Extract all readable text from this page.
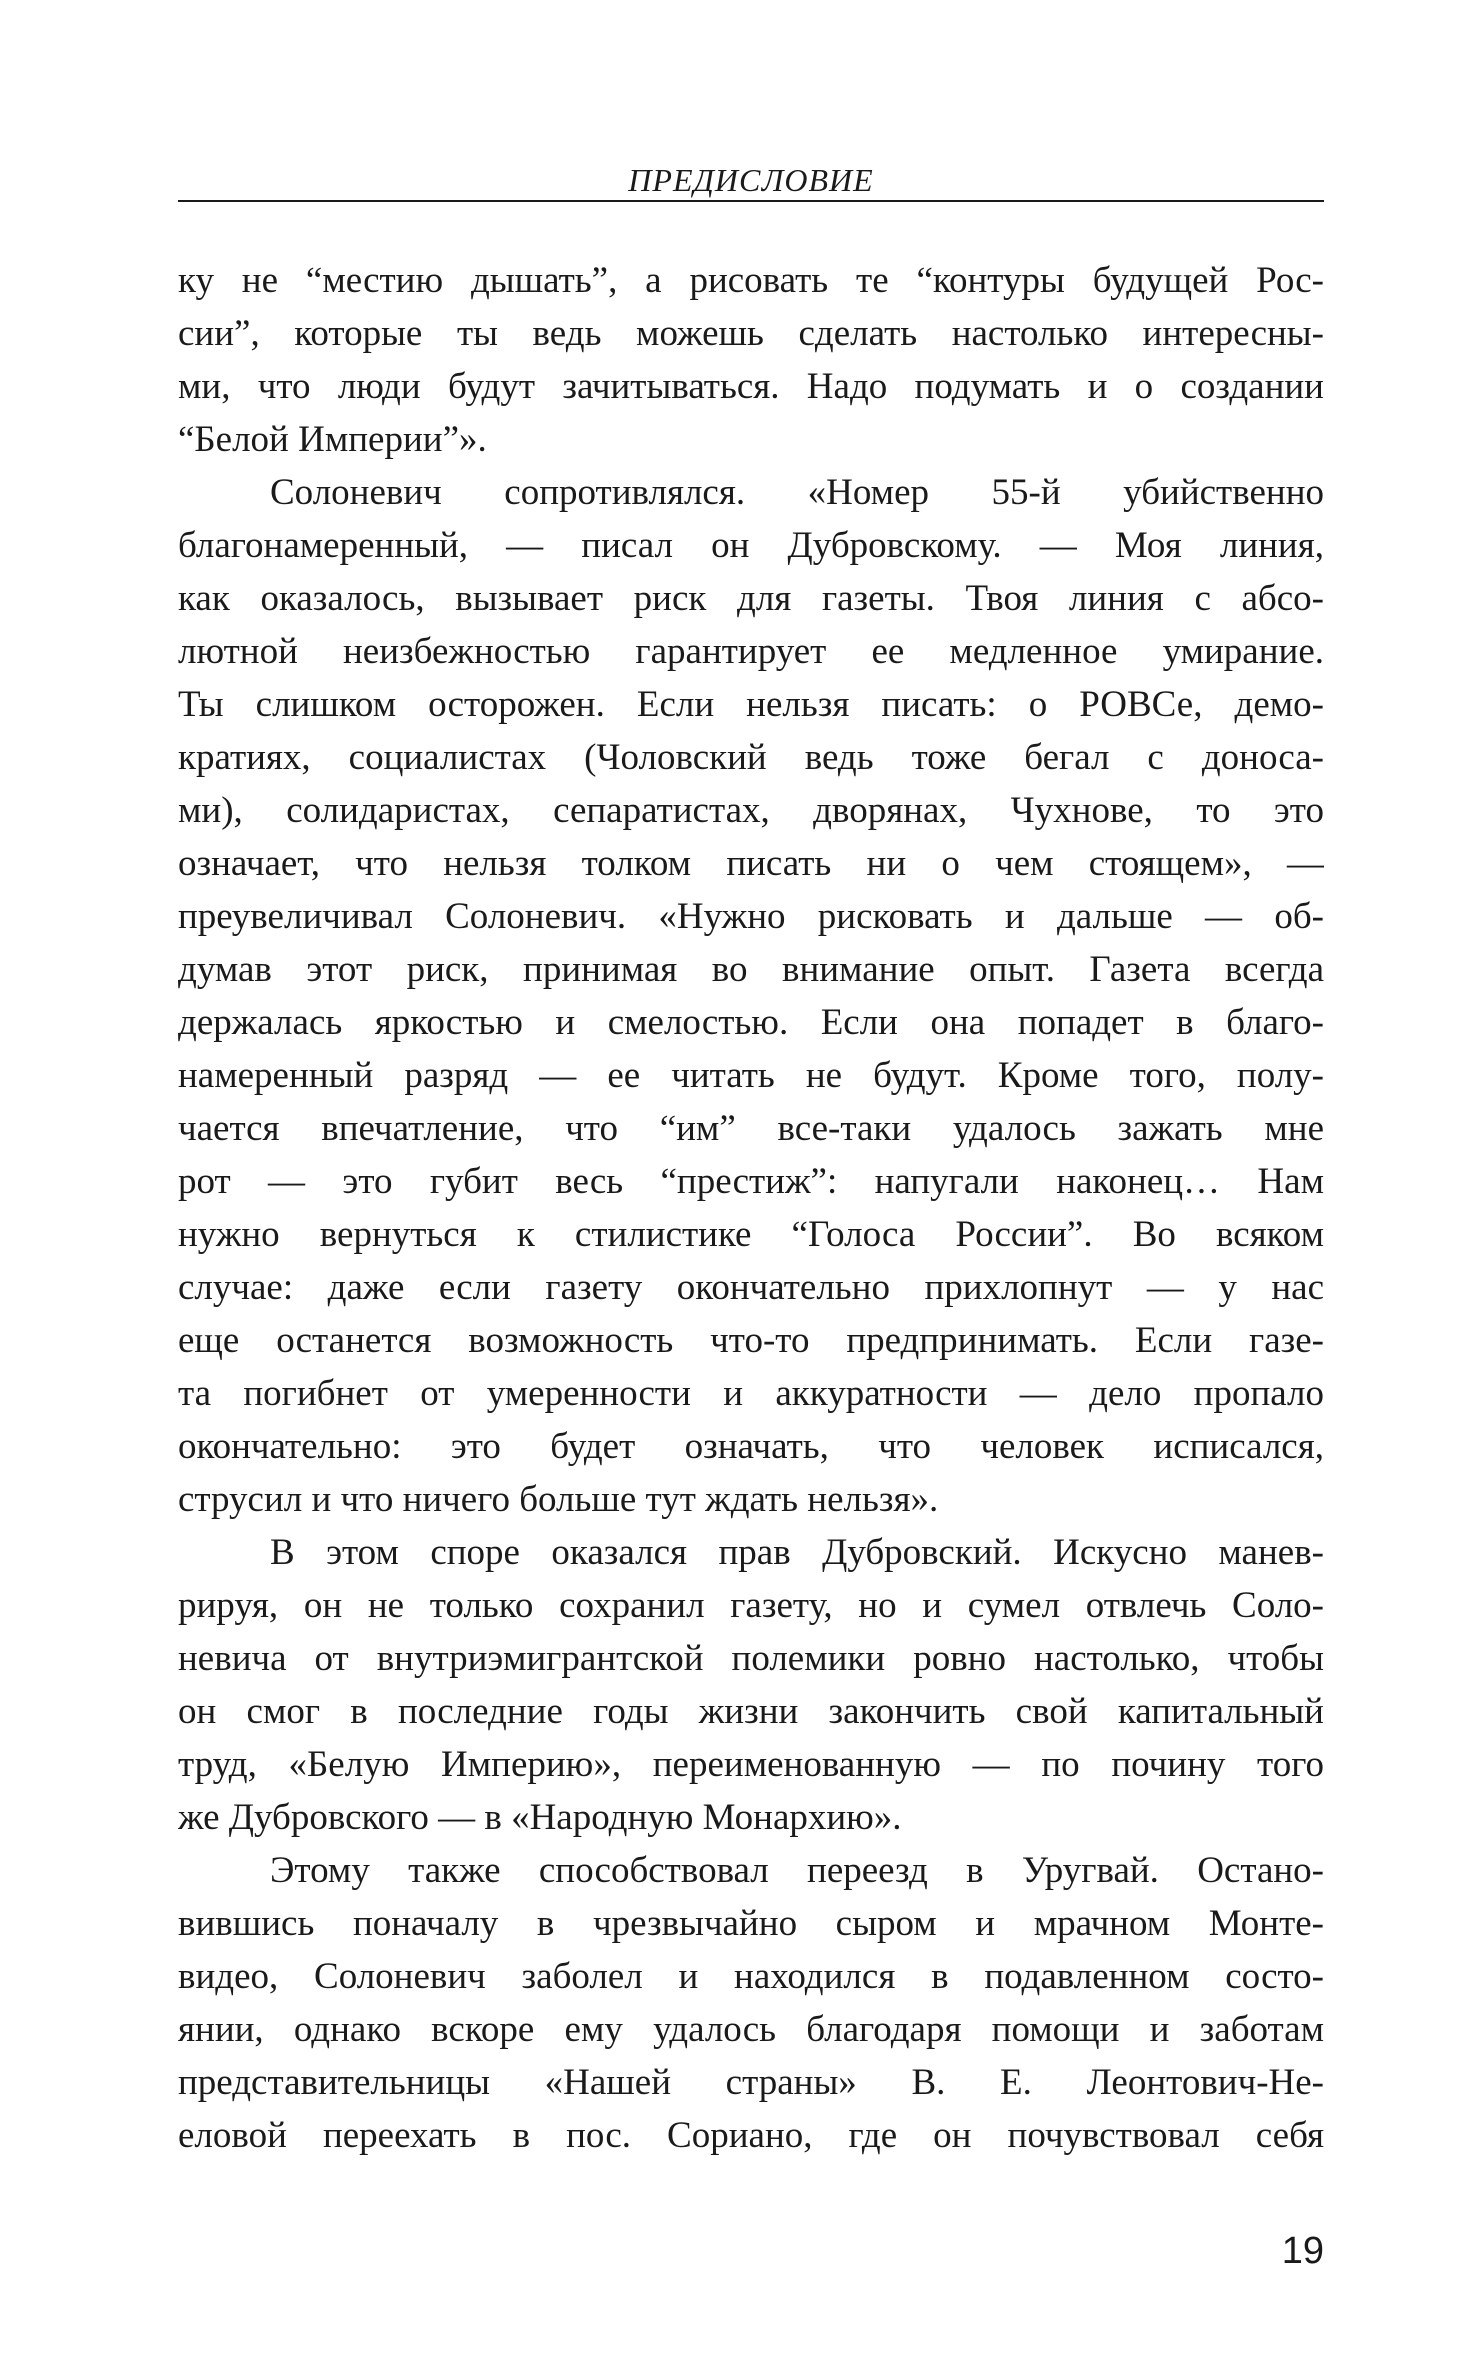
ПРЕДИСЛОВИЕ
ку не “местию дышать”, а рисовать те “контуры будущей Рос-
сии”, которые ты ведь можешь сделать настолько интересны-
ми, что люди будут зачитываться. Надо подумать и о создании
“Белой Империи”».
Солоневич сопротивлялся. «Номер 55-й убийственно
благонамеренный, — писал он Дубровскому. — Моя линия,
как оказалось, вызывает риск для газеты. Твоя линия с абсо-
лютной неизбежностью гарантирует ее медленное умирание.
Ты слишком осторожен. Если нельзя писать: о РОВСе, демо-
кратиях, социалистах (Чоловский ведь тоже бегал с доноса-
ми), солидаристах, сепаратистах, дворянах, Чухнове, то это
означает, что нельзя толком писать ни о чем стоящем», —
преувеличивал Солоневич. «Нужно рисковать и дальше — об-
думав этот риск, принимая во внимание опыт. Газета всегда
держалась яркостью и смелостью. Если она попадет в благо-
намеренный разряд — ее читать не будут. Кроме того, полу-
чается впечатление, что “им” все-таки удалось зажать мне
рот — это губит весь “престиж”: напугали наконец… Нам
нужно вернуться к стилистике “Голоса России”. Во всяком
случае: даже если газету окончательно прихлопнут — у нас
еще останется возможность что-то предпринимать. Если газе-
та погибнет от умеренности и аккуратности — дело пропало
окончательно: это будет означать, что человек исписался,
струсил и что ничего больше тут ждать нельзя».
В этом споре оказался прав Дубровский. Искусно манев-
рируя, он не только сохранил газету, но и сумел отвлечь Соло-
невича от внутриэмигрантской полемики ровно настолько, чтобы
он смог в последние годы жизни закончить свой капитальный
труд, «Белую Империю», переименованную — по почину того
же Дубровского — в «Народную Монархию».
Этому также способствовал переезд в Уругвай. Остано-
вившись поначалу в чрезвычайно сыром и мрачном Монте-
видео, Солоневич заболел и находился в подавленном состо-
янии, однако вскоре ему удалось благодаря помощи и заботам
представительницы «Нашей страны» В. Е. Леонтович-Не-
еловой переехать в пос. Сориано, где он почувствовал себя
19
